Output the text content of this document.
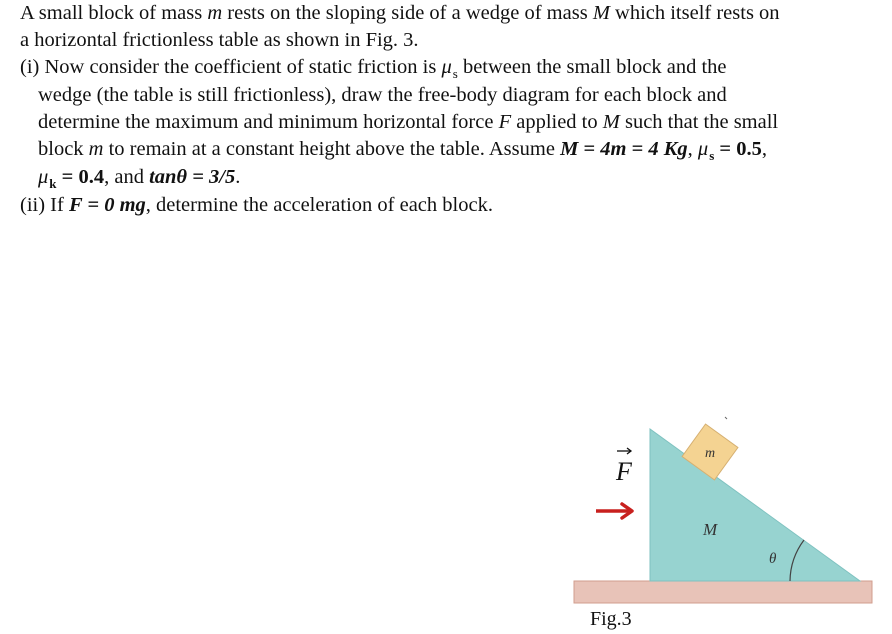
A small block of mass m rests on the sloping side of a wedge of mass M which itself rests on
a horizontal frictionless table as shown in Fig. 3.
(i) Now consider the coefficient of static friction is $\mu_s$ between the small block and the
wedge (the table is still frictionless), draw the free-body diagram for each block and
determine the maximum and minimum horizontal force F applied to M such that the small
block m to remain at a constant height above the table. Assume M = 4m = 4 Kg, $\mu_s = 0.5$,
$\mu_k = 0.4$, and tanθ = 3/5.
(ii) If F = 0 mg, determine the acceleration of each block.
m
M
θ
F
Fig.3
